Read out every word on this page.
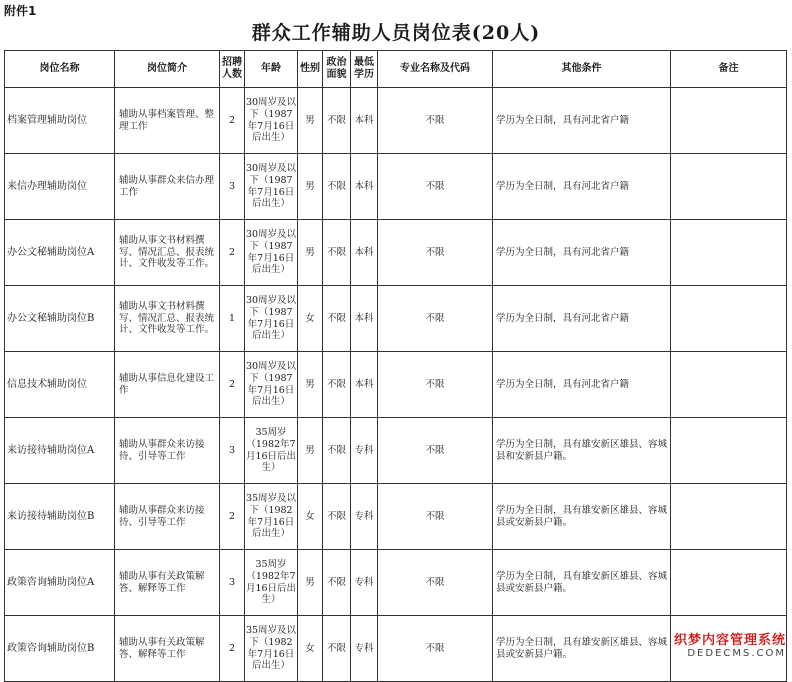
附件1
群众工作辅助人员岗位表(20人)
岗位名称	岗位简介	招聘人数	年龄	性别	政治面貌	最低学历	专业名称及代码	其他条件	备注
档案管理辅助岗位	辅助从事档案管理、整理工作	2	30周岁及以下（1987年7月16日后出生）	男	不限	本科	不限	学历为全日制，具有河北省户籍	
来信办理辅助岗位	辅助从事群众来信办理工作	3	30周岁及以下（1987年7月16日后出生）	男	不限	本科	不限	学历为全日制，具有河北省户籍	
办公文秘辅助岗位A	辅助从事文书材料撰写、情况汇总、报表统计、文件收发等工作。	2	30周岁及以下（1987年7月16日后出生）	男	不限	本科	不限	学历为全日制，具有河北省户籍	
办公文秘辅助岗位B	辅助从事文书材料撰写、情况汇总、报表统计、文件收发等工作。	1	30周岁及以下（1987年7月16日后出生）	女	不限	本科	不限	学历为全日制，具有河北省户籍	
信息技术辅助岗位	辅助从事信息化建设工作	2	30周岁及以下（1987年7月16日后出生）	男	不限	本科	不限	学历为全日制，具有河北省户籍	
来访接待辅助岗位A	辅助从事群众来访接待、引导等工作	3	35周岁（1982年7月16日后出生）	男	不限	专科	不限	学历为全日制，具有雄安新区雄县、容城县和安新县户籍。	
来访接待辅助岗位B	辅助从事群众来访接待、引导等工作	2	35周岁及以下（1982年7月16日后出生）	女	不限	专科	不限	学历为全日制，具有雄安新区雄县、容城县或安新县户籍。	
政策咨询辅助岗位A	辅助从事有关政策解答、解释等工作	3	35周岁（1982年7月16日后出生）	男	不限	专科	不限	学历为全日制，具有雄安新区雄县、容城县或安新县户籍。	
政策咨询辅助岗位B	辅助从事有关政策解答、解释等工作	2	35周岁及以下（1982年7月16日后出生）	女	不限	专科	不限	学历为全日制，具有雄安新区雄县、容城县或安新县户籍。	
织梦内容管理系统
DEDECMS.COM
